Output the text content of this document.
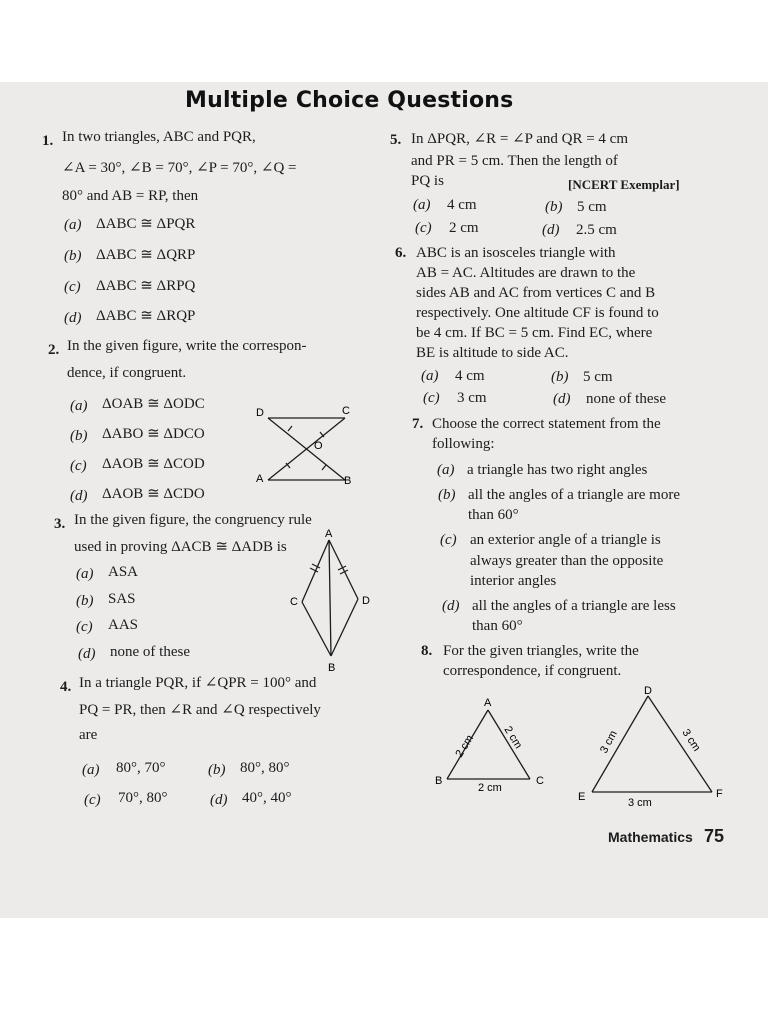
Multiple Choice Questions
1. In two triangles, ABC and PQR,
∠A = 30°, ∠B = 70°, ∠P = 70°, ∠Q =
80° and AB = RP, then
(a) ΔABC ≅ ΔPQR
(b) ΔABC ≅ ΔQRP
(c) ΔABC ≅ ΔRPQ
(d) ΔABC ≅ ΔRQP
2. In the given figure, write the correspon-
dence, if congruent.
(a) ΔOAB ≅ ΔODC
(b) ΔABO ≅ ΔDCO
(c) ΔAOB ≅ ΔCOD
(d) ΔAOB ≅ ΔCDO
D	C
O
A	B
3. In the given figure, the congruency rule
used in proving ΔACB ≅ ΔADB is
(a) ASA
(b) SAS
(c) AAS
(d) none of these
A
C	D
B
4. In a triangle PQR, if ∠QPR = 100° and
PQ = PR, then ∠R and ∠Q respectively
are
(a) 80°, 70°	(b) 80°, 80°
(c) 70°, 80°	(d) 40°, 40°
5. In ΔPQR, ∠R = ∠P and QR = 4 cm
and PR = 5 cm. Then the length of
PQ is	[NCERT Exemplar]
(a) 4 cm	(b) 5 cm
(c) 2 cm	(d) 2.5 cm
6. ABC is an isosceles triangle with
AB = AC. Altitudes are drawn to the
sides AB and AC from vertices C and B
respectively. One altitude CF is found to
be 4 cm. If BC = 5 cm. Find EC, where
BE is altitude to side AC.
(a) 4 cm	(b) 5 cm
(c) 3 cm	(d) none of these
7. Choose the correct statement from the
following:
(a) a triangle has two right angles
(b) all the angles of a triangle are more
than 60°
(c) an exterior angle of a triangle is
always greater than the opposite
interior angles
(d) all the angles of a triangle are less
than 60°
8. For the given triangles, write the
correspondence, if congruent.
A
B	C
2 cm 2 cm
2 cm
D
E	F
3 cm	3 cm
3 cm
Mathematics 75
